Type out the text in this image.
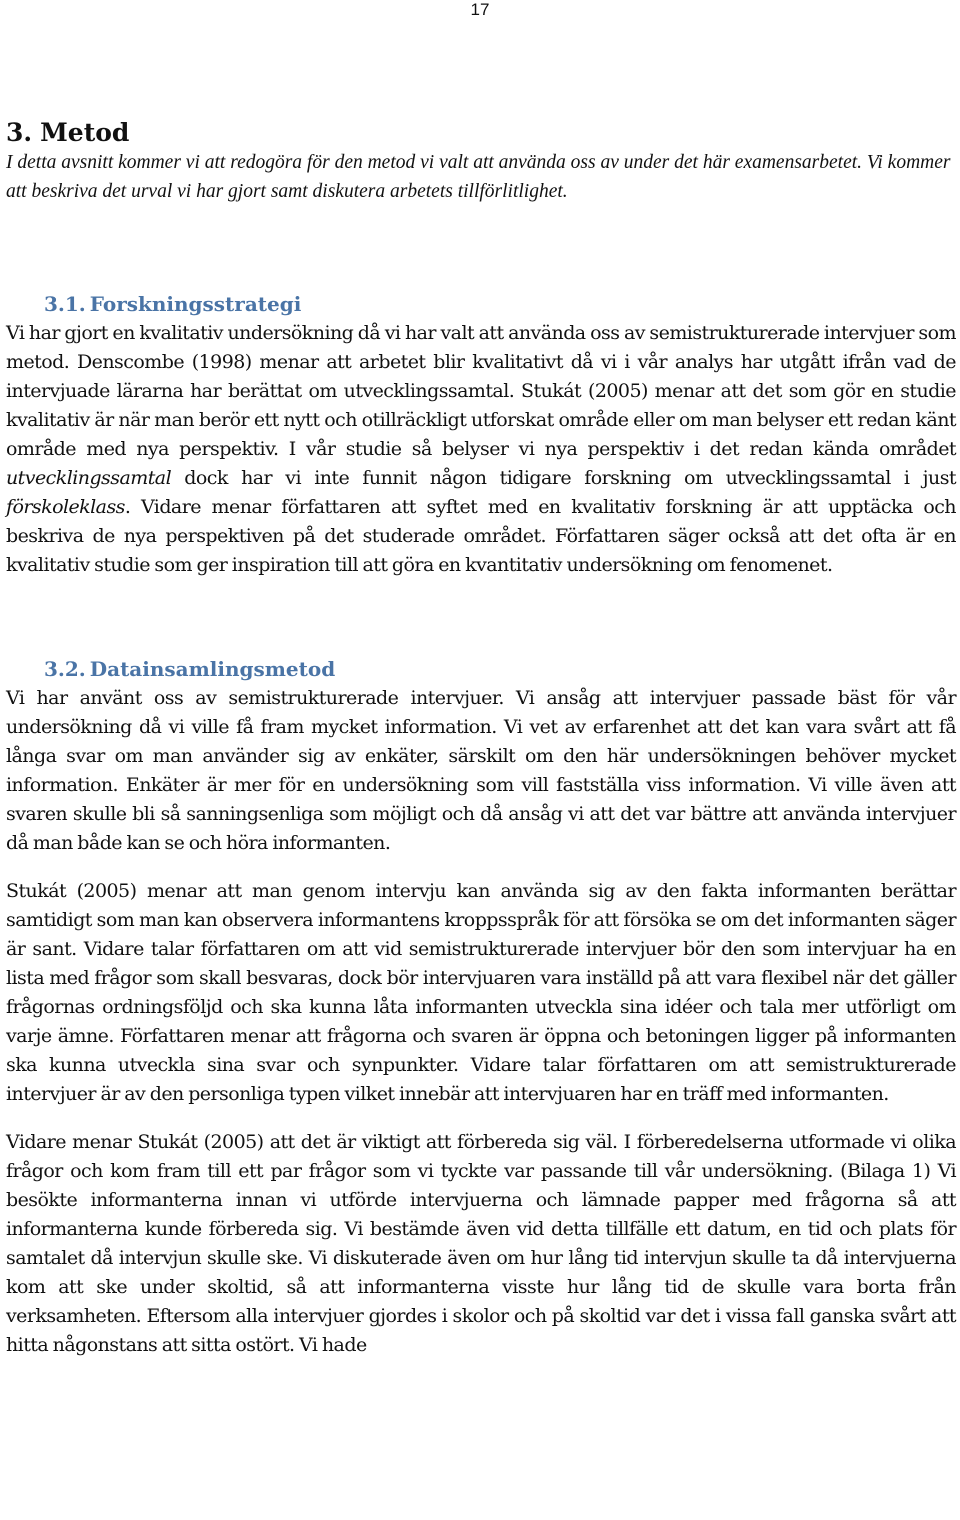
17
3. Metod

I detta avsnitt kommer vi att redogöra för den metod vi valt att använda oss av under det här examensarbetet. Vi kommer att beskriva det urval vi har gjort samt diskutera arbetets tillförlitlighet.

3.1. Forskningsstrategi

Vi har gjort en kvalitativ undersökning då vi har valt att använda oss av semistrukturerade intervjuer som metod. Denscombe (1998) menar att arbetet blir kvalitativt då vi i vår analys har utgått ifrån vad de intervjuade lärarna har berättat om utvecklingssamtal. Stukát (2005) menar att det som gör en studie kvalitativ är när man berör ett nytt och otillräckligt utforskat område eller om man belyser ett redan känt område med nya perspektiv. I vår studie så belyser vi nya perspektiv i det redan kända området utvecklingssamtal dock har vi inte funnit någon tidigare forskning om utvecklingssamtal i just förskoleklass. Vidare menar författaren att syftet med en kvalitativ forskning är att upptäcka och beskriva de nya perspektiven på det studerade området. Författaren säger också att det ofta är en kvalitativ studie som ger inspiration till att göra en kvantitativ undersökning om fenomenet.

3.2. Datainsamlingsmetod

Vi har använt oss av semistrukturerade intervjuer. Vi ansåg att intervjuer passade bäst för vår undersökning då vi ville få fram mycket information. Vi vet av erfarenhet att det kan vara svårt att få långa svar om man använder sig av enkäter, särskilt om den här undersökningen behöver mycket information. Enkäter är mer för en undersökning som vill fastställa viss information. Vi ville även att svaren skulle bli så sanningsenliga som möjligt och då ansåg vi att det var bättre att använda intervjuer då man både kan se och höra informanten.

Stukát (2005) menar att man genom intervju kan använda sig av den fakta informanten berättar samtidigt som man kan observera informantens kroppsspråk för att försöka se om det informanten säger är sant. Vidare talar författaren om att vid semistrukturerade intervjuer bör den som intervjuar ha en lista med frågor som skall besvaras, dock bör intervjuaren vara inställd på att vara flexibel när det gäller frågornas ordningsföljd och ska kunna låta informanten utveckla sina idéer och tala mer utförligt om varje ämne. Författaren menar att frågorna och svaren är öppna och betoningen ligger på informanten ska kunna utveckla sina svar och synpunkter. Vidare talar författaren om att semistrukturerade intervjuer är av den personliga typen vilket innebär att intervjuaren har en träff med informanten.

Vidare menar Stukát (2005) att det är viktigt att förbereda sig väl. I förberedelserna utformade vi olika frågor och kom fram till ett par frågor som vi tyckte var passande till vår undersökning. (Bilaga 1) Vi besökte informanterna innan vi utförde intervjuerna och lämnade papper med frågorna så att informanterna kunde förbereda sig. Vi bestämde även vid detta tillfälle ett datum, en tid och plats för samtalet då intervjun skulle ske. Vi diskuterade även om hur lång tid intervjun skulle ta då intervjuerna kom att ske under skoltid, så att informanterna visste hur lång tid de skulle vara borta från verksamheten. Eftersom alla intervjuer gjordes i skolor och på skoltid var det i vissa fall ganska svårt att hitta någonstans att sitta ostört. Vi hade
